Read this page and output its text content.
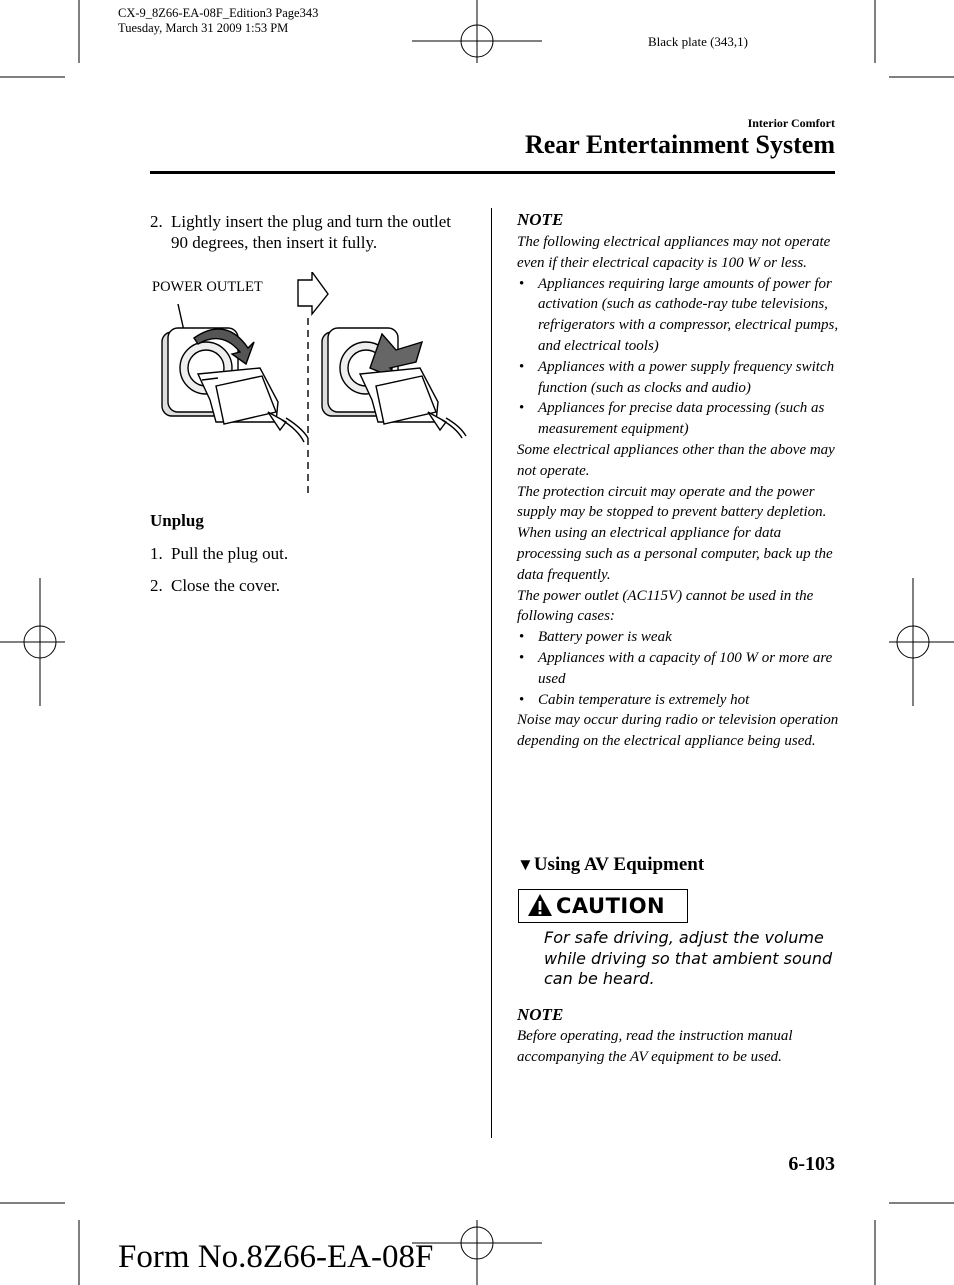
CX-9_8Z66-EA-08F_Edition3 Page343
Tuesday, March 31 2009 1:53 PM
Black plate (343,1)
Interior Comfort
Rear Entertainment System
2. Lightly insert the plug and turn the outlet 90 degrees, then insert it fully.
POWER OUTLET
Unplug
1. Pull the plug out.
2. Close the cover.
NOTE

The following electrical appliances may not operate even if their electrical capacity is 100 W or less.

• Appliances requiring large amounts of power for activation (such as cathode-ray tube televisions, refrigerators with a compressor, electrical pumps, and electrical tools)

• Appliances with a power supply frequency switch function (such as clocks and audio)

• Appliances for precise data processing (such as measurement equipment)

Some electrical appliances other than the above may not operate.

The protection circuit may operate and the power supply may be stopped to prevent battery depletion.

When using an electrical appliance for data processing such as a personal computer, back up the data frequently.

The power outlet (AC115V) cannot be used in the following cases:

• Battery power is weak

• Appliances with a capacity of 100 W or more are used

• Cabin temperature is extremely hot

Noise may occur during radio or television operation depending on the electrical appliance being used.

▼Using AV Equipment
CAUTION
For safe driving, adjust the volume while driving so that ambient sound can be heard.
NOTE
Before operating, read the instruction manual accompanying the AV equipment to be used.
6-103
Form No.8Z66-EA-08F
